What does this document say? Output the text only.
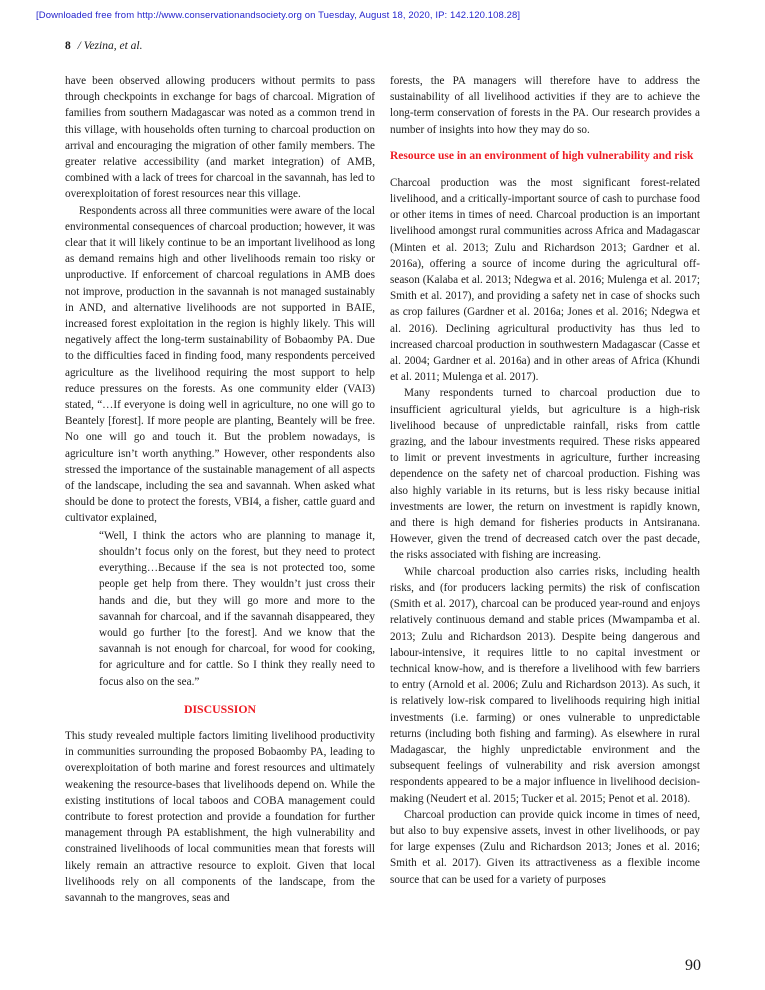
[Downloaded free from http://www.conservationandsociety.org on Tuesday, August 18, 2020, IP: 142.120.108.28]
8 / Vezina, et al.

have been observed allowing producers without permits to pass through checkpoints in exchange for bags of charcoal. Migration of families from southern Madagascar was noted as a common trend in this village, with households often turning to charcoal production on arrival and encouraging the migration of other family members. The greater relative accessibility (and market integration) of AMB, combined with a lack of trees for charcoal in the savannah, has led to overexploitation of forest resources near this village.

Respondents across all three communities were aware of the local environmental consequences of charcoal production; however, it was clear that it will likely continue to be an important livelihood as long as demand remains high and other livelihoods remain too risky or unproductive. If enforcement of charcoal regulations in AMB does not improve, production in the savannah is not managed sustainably in AND, and alternative livelihoods are not supported in BAIE, increased forest exploitation in the region is highly likely. This will negatively affect the long-term sustainability of Bobaomby PA. Due to the difficulties faced in finding food, many respondents perceived agriculture as the livelihood requiring the most support to help reduce pressures on the forests. As one community elder (VAI3) stated, “…If everyone is doing well in agriculture, no one will go to Beantely [forest]. If more people are planting, Beantely will be free. No one will go and touch it. But the problem nowadays, is agriculture isn’t worth anything.” However, other respondents also stressed the importance of the sustainable management of all aspects of the landscape, including the sea and savannah. When asked what should be done to protect the forests, VBI4, a fisher, cattle guard and cultivator explained,

“Well, I think the actors who are planning to manage it, shouldn’t focus only on the forest, but they need to protect everything…Because if the sea is not protected too, some people get help from there. They wouldn’t just cross their hands and die, but they will go more and more to the savannah for charcoal, and if the savannah disappeared, they would go further [to the forest]. And we know that the savannah is not enough for charcoal, for wood for cooking, for agriculture and for cattle. So I think they really need to focus also on the sea.”

DISCUSSION

This study revealed multiple factors limiting livelihood productivity in communities surrounding the proposed Bobaomby PA, leading to overexploitation of both marine and forest resources and ultimately weakening the resource-bases that livelihoods depend on. While the existing institutions of local taboos and COBA management could contribute to forest protection and provide a foundation for further management through PA establishment, the high vulnerability and constrained livelihoods of local communities mean that forests will likely remain an attractive resource to exploit. Given that local livelihoods rely on all components of the landscape, from the savannah to the mangroves, seas and

forests, the PA managers will therefore have to address the sustainability of all livelihood activities if they are to achieve the long-term conservation of forests in the PA. Our research provides a number of insights into how they may do so.

Resource use in an environment of high vulnerability and risk

Charcoal production was the most significant forest-related livelihood, and a critically-important source of cash to purchase food or other items in times of need. Charcoal production is an important livelihood amongst rural communities across Africa and Madagascar (Minten et al. 2013; Zulu and Richardson 2013; Gardner et al. 2016a), offering a source of income during the agricultural off-season (Kalaba et al. 2013; Ndegwa et al. 2016; Mulenga et al. 2017; Smith et al. 2017), and providing a safety net in case of shocks such as crop failures (Gardner et al. 2016a; Jones et al. 2016; Ndegwa et al. 2016). Declining agricultural productivity has thus led to increased charcoal production in southwestern Madagascar (Casse et al. 2004; Gardner et al. 2016a) and in other areas of Africa (Khundi et al. 2011; Mulenga et al. 2017).

Many respondents turned to charcoal production due to insufficient agricultural yields, but agriculture is a high-risk livelihood because of unpredictable rainfall, risks from cattle grazing, and the labour investments required. These risks appeared to limit or prevent investments in agriculture, further increasing dependence on the safety net of charcoal production. Fishing was also highly variable in its returns, but is less risky because initial investments are lower, the return on investment is rapidly known, and there is high demand for fisheries products in Antsiranana. However, given the trend of decreased catch over the past decade, the risks associated with fishing are increasing.

While charcoal production also carries risks, including health risks, and (for producers lacking permits) the risk of confiscation (Smith et al. 2017), charcoal can be produced year-round and enjoys relatively continuous demand and stable prices (Mwampamba et al. 2013; Zulu and Richardson 2013). Despite being dangerous and labour-intensive, it requires little to no capital investment or technical know-how, and is therefore a livelihood with few barriers to entry (Arnold et al. 2006; Zulu and Richardson 2013). As such, it is relatively low-risk compared to livelihoods requiring high initial investments (i.e. farming) or ones vulnerable to unpredictable returns (including both fishing and farming). As elsewhere in rural Madagascar, the highly unpredictable environment and the subsequent feelings of vulnerability and risk aversion amongst respondents appeared to be a major influence in livelihood decision-making (Neudert et al. 2015; Tucker et al. 2015; Penot et al. 2018).

Charcoal production can provide quick income in times of need, but also to buy expensive assets, invest in other livelihoods, or pay for large expenses (Zulu and Richardson 2013; Jones et al. 2016; Smith et al. 2017). Given its attractiveness as a flexible income source that can be used for a variety of purposes

90
